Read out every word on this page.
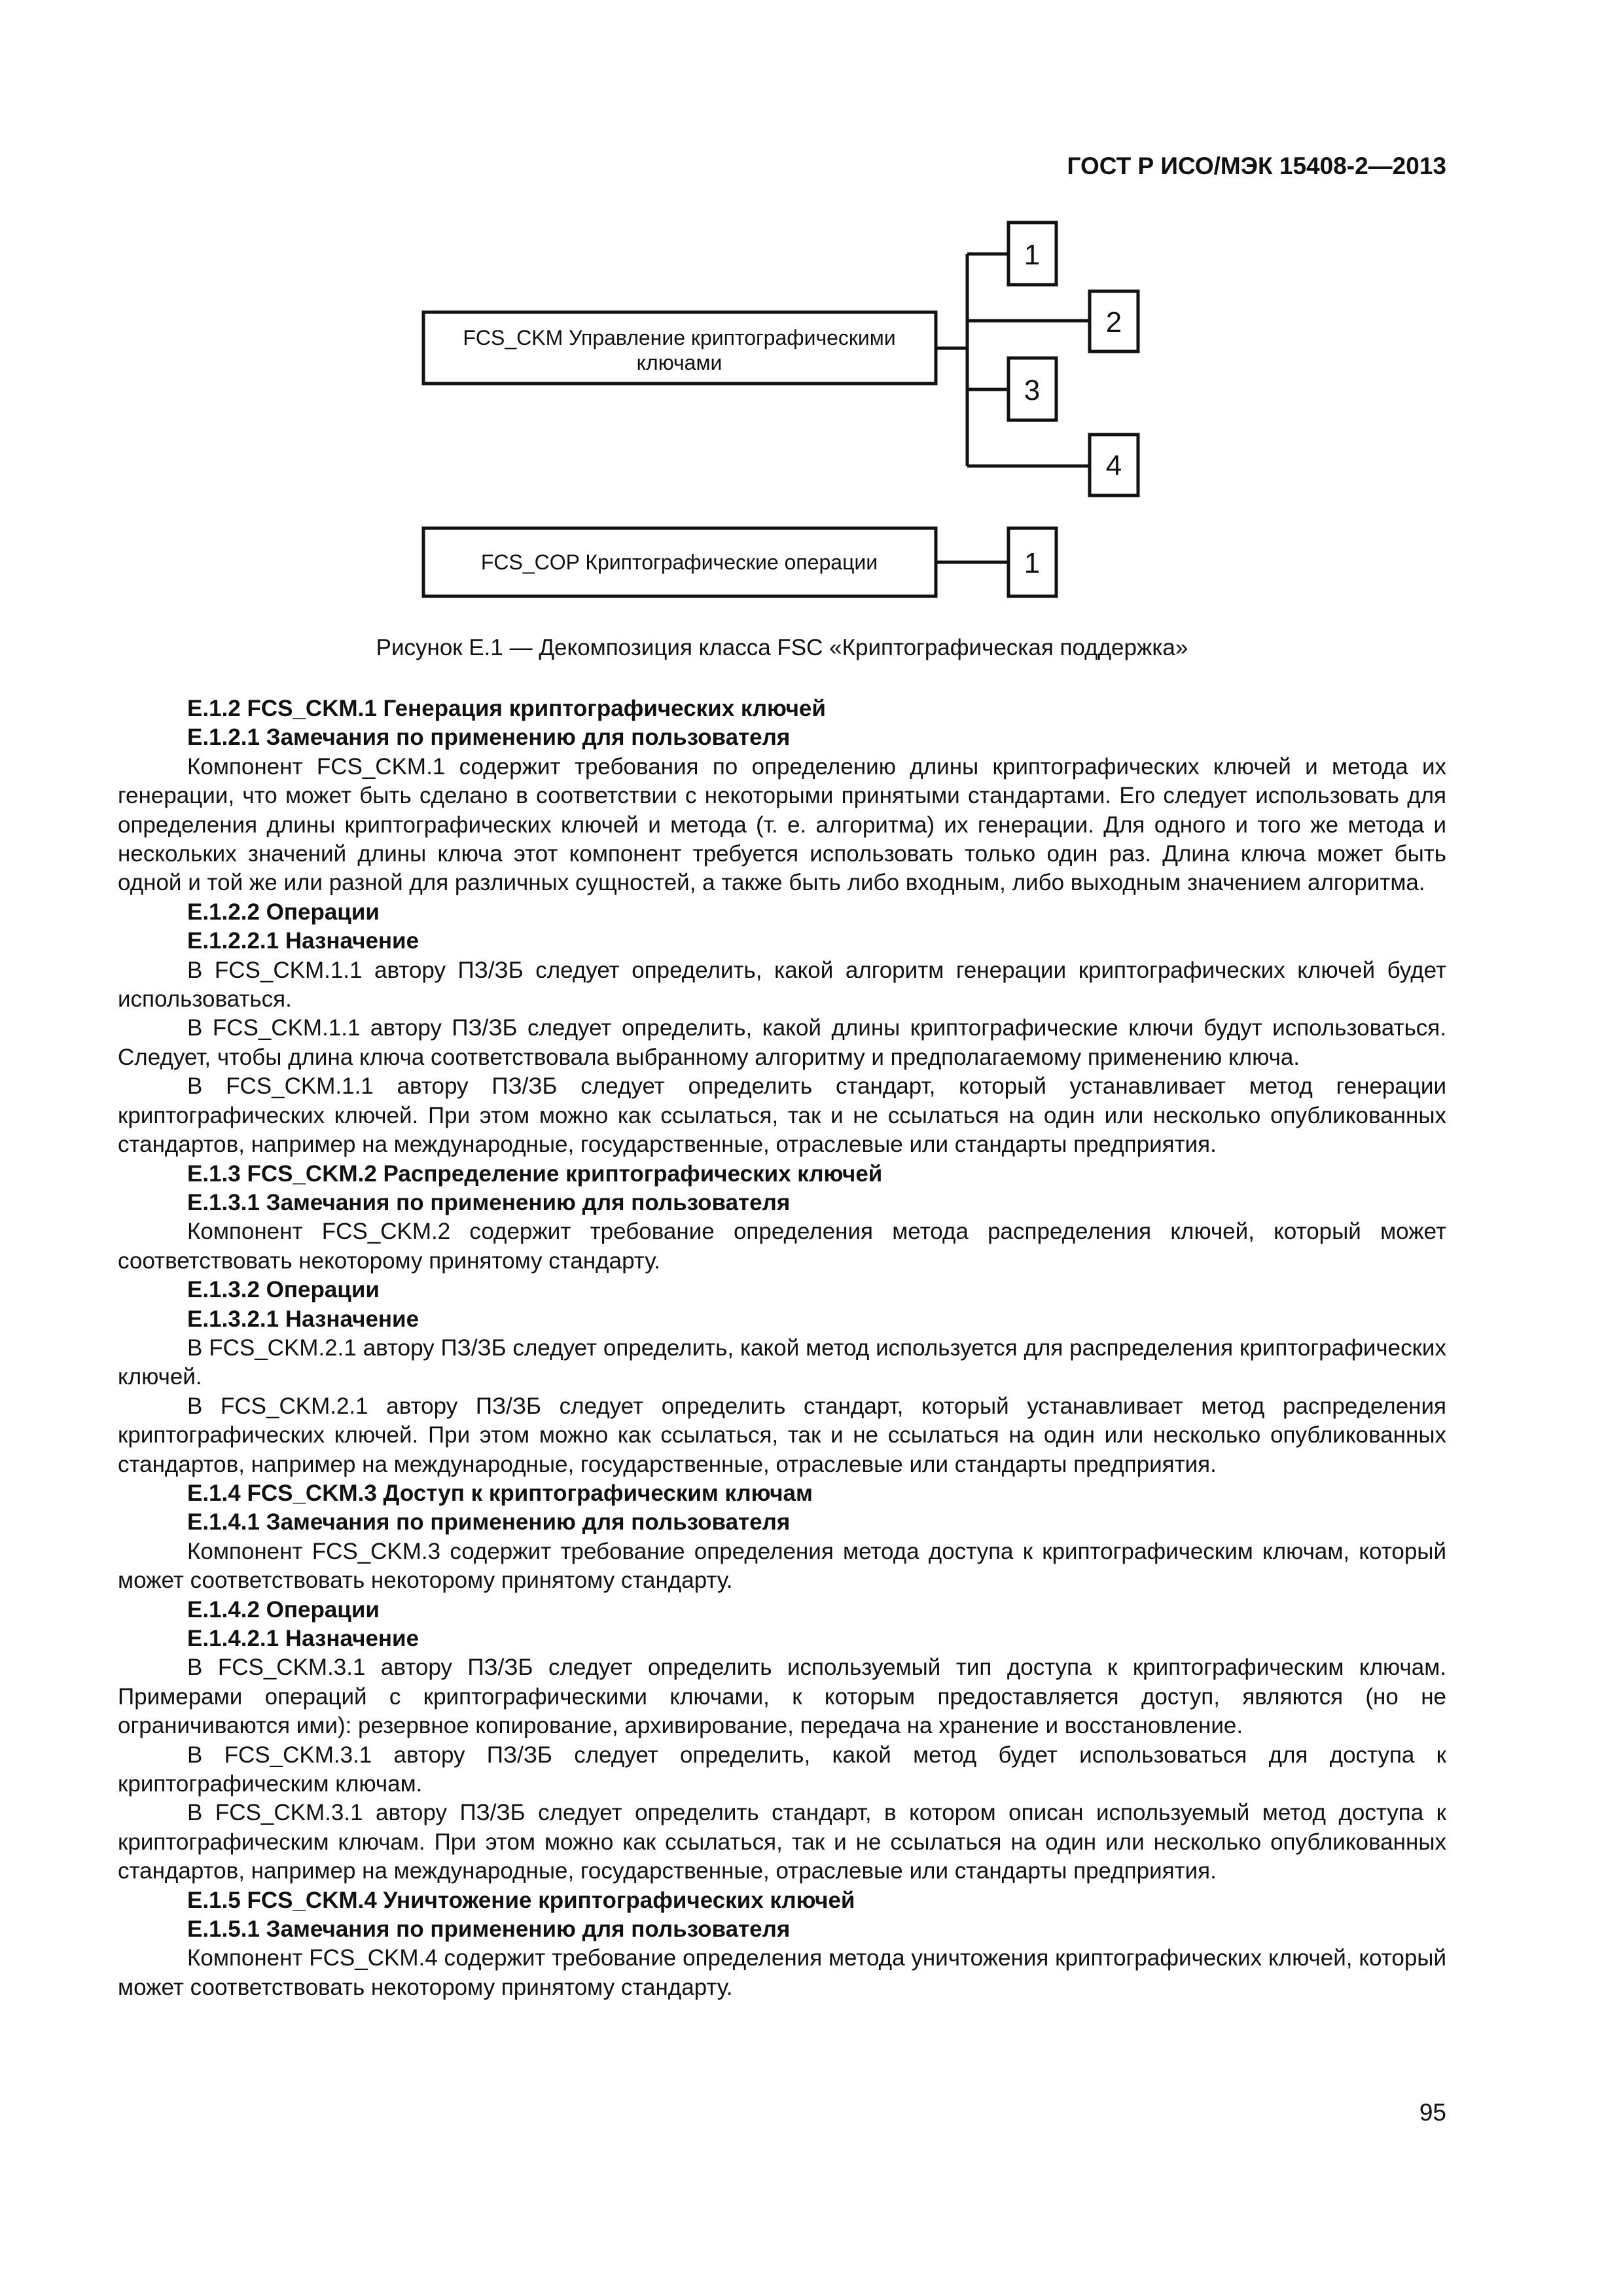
ГОСТ Р ИСО/МЭК 15408-2—2013
FCS_CKM Управление криптографическими
ключами
1
2
3
4
FCS_COP Криптографические операции	1
Рисунок Е.1 — Декомпозиция класса FSC «Криптографическая поддержка»

Е.1.2 FCS_CKM.1 Генерация криптографических ключей

Е.1.2.1 Замечания по применению для пользователя

Компонент FCS_CKM.1 содержит требования по определению длины криптографических ключей и метода их генерации, что может быть сделано в соответствии с некоторыми принятыми стандартами. Его следует использовать для определения длины криптографических ключей и метода (т. е. алгоритма) их генерации. Для одного и того же метода и нескольких значений длины ключа этот компонент требуется использовать только один раз. Длина ключа может быть одной и той же или разной для различных сущностей, а также быть либо входным, либо выходным значением алгоритма.

Е.1.2.2 Операции

Е.1.2.2.1 Назначение

В FCS_CKM.1.1 автору ПЗ/ЗБ следует определить, какой алгоритм генерации криптографических ключей будет использоваться.

В FCS_CKM.1.1 автору ПЗ/ЗБ следует определить, какой длины криптографические ключи будут использоваться. Следует, чтобы длина ключа соответствовала выбранному алгоритму и предполагаемому применению ключа.

В FCS_CKM.1.1 автору ПЗ/ЗБ следует определить стандарт, который устанавливает метод генерации криптографических ключей. При этом можно как ссылаться, так и не ссылаться на один или несколько опубликованных стандартов, например на международные, государственные, отраслевые или стандарты предприятия.

Е.1.3 FCS_CKM.2 Распределение криптографических ключей

Е.1.3.1 Замечания по применению для пользователя

Компонент FCS_CKM.2 содержит требование определения метода распределения ключей, который может соответствовать некоторому принятому стандарту.

Е.1.3.2 Операции

Е.1.3.2.1 Назначение

В FCS_CKM.2.1 автору ПЗ/ЗБ следует определить, какой метод используется для распределения криптографических ключей.

В FCS_CKM.2.1 автору ПЗ/ЗБ следует определить стандарт, который устанавливает метод распределения криптографических ключей. При этом можно как ссылаться, так и не ссылаться на один или несколько опубликованных стандартов, например на международные, государственные, отраслевые или стандарты предприятия.

Е.1.4 FCS_CKM.3 Доступ к криптографическим ключам

Е.1.4.1 Замечания по применению для пользователя

Компонент FCS_CKM.3 содержит требование определения метода доступа к криптографическим ключам, который может соответствовать некоторому принятому стандарту.

Е.1.4.2 Операции

Е.1.4.2.1 Назначение

В FCS_CKM.3.1 автору ПЗ/ЗБ следует определить используемый тип доступа к криптографическим ключам. Примерами операций с криптографическими ключами, к которым предоставляется доступ, являются (но не ограничиваются ими): резервное копирование, архивирование, передача на хранение и восстановление.

В FCS_CKM.3.1 автору ПЗ/ЗБ следует определить, какой метод будет использоваться для доступа к криптографическим ключам.

В FCS_CKM.3.1 автору ПЗ/ЗБ следует определить стандарт, в котором описан используемый метод доступа к криптографическим ключам. При этом можно как ссылаться, так и не ссылаться на один или несколько опубликованных стандартов, например на международные, государственные, отраслевые или стандарты предприятия.

Е.1.5 FCS_CKM.4 Уничтожение криптографических ключей

Е.1.5.1 Замечания по применению для пользователя

Компонент FCS_CKM.4 содержит требование определения метода уничтожения криптографических ключей, который может соответствовать некоторому принятому стандарту.

95
